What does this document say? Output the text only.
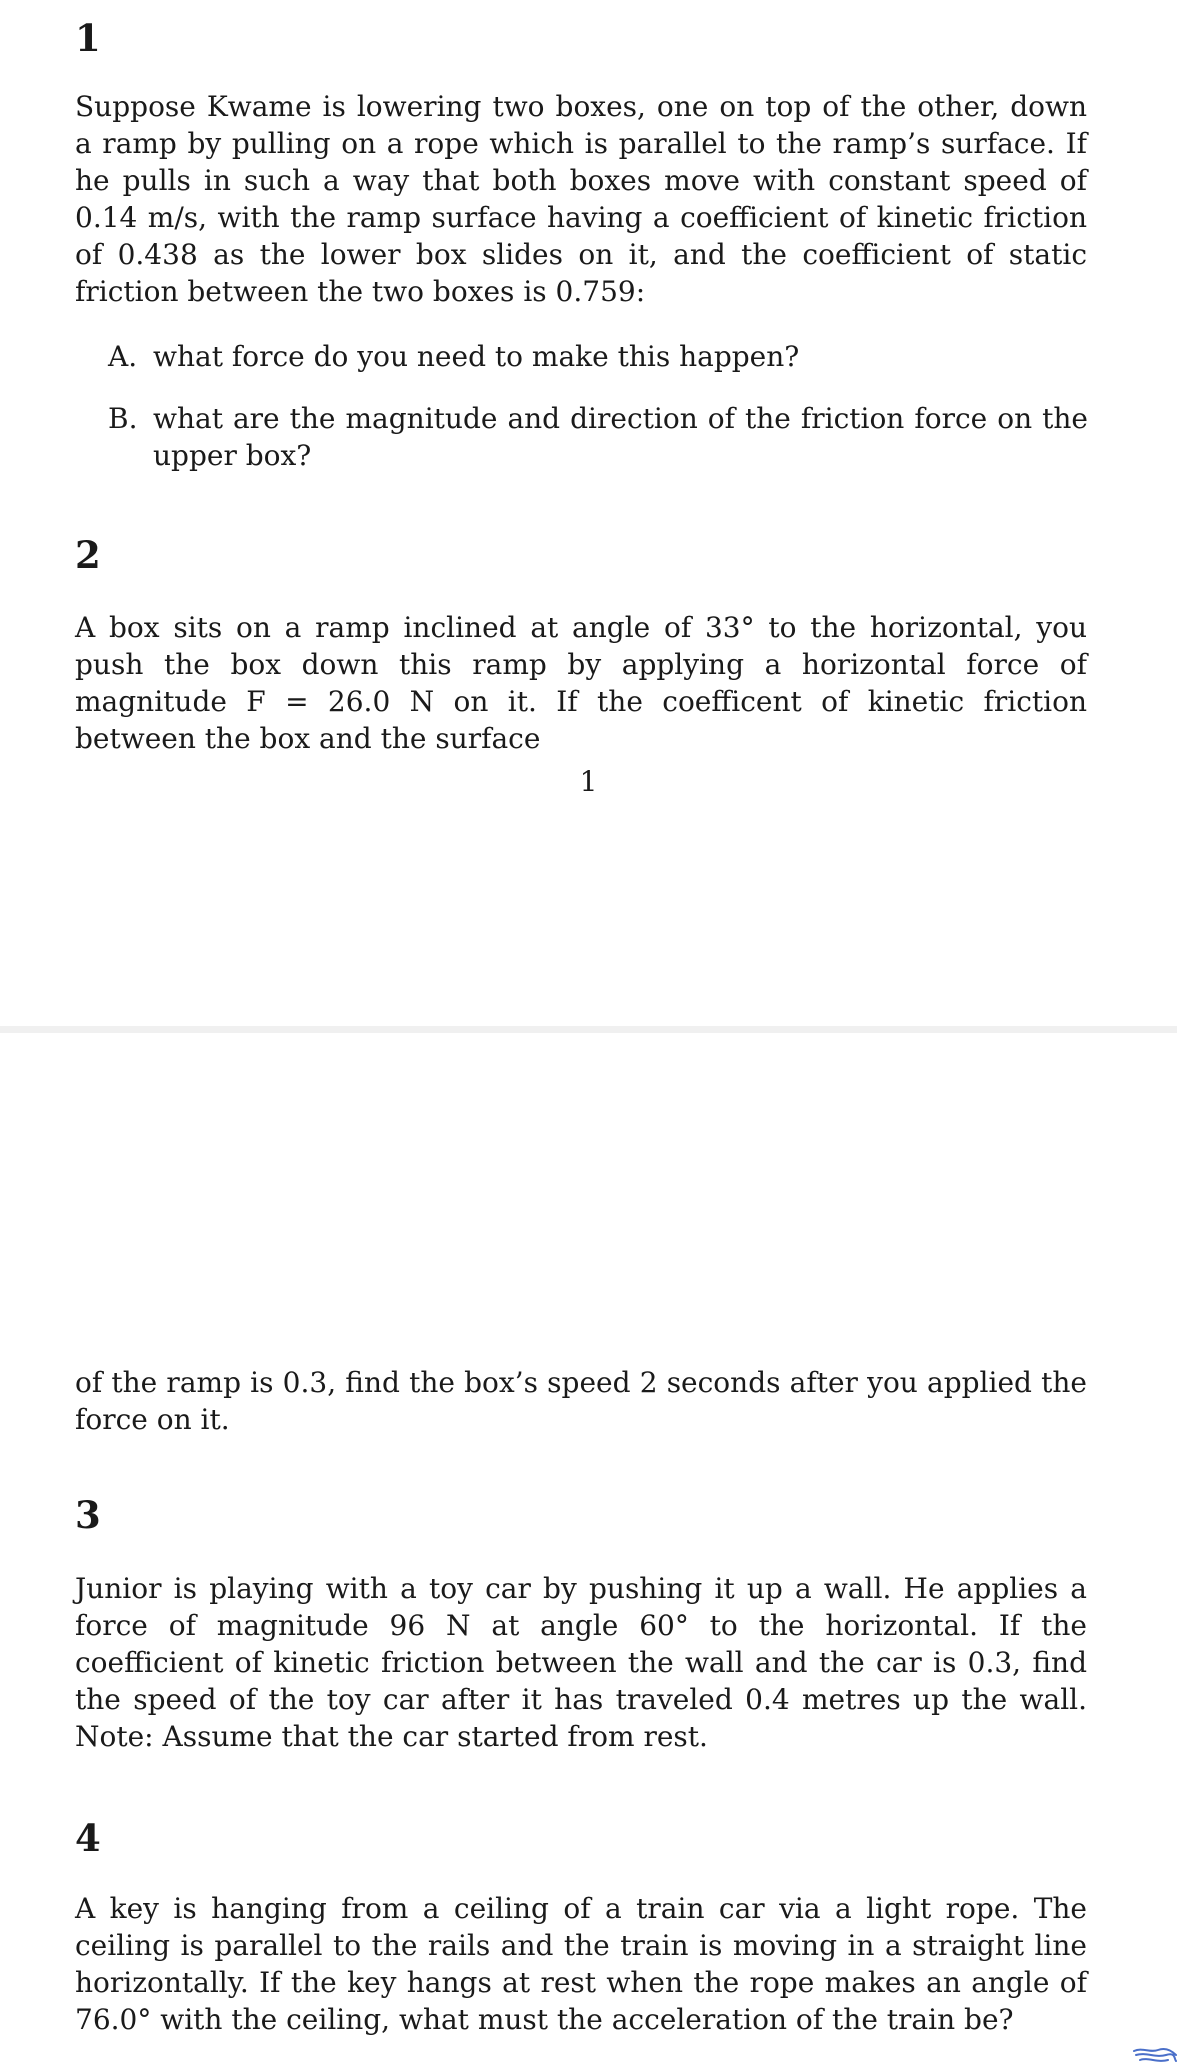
1

Suppose Kwame is lowering two boxes, one on top of the other, down a ramp by pulling on a rope which is parallel to the ramp’s surface. If he pulls in such a way that both boxes move with constant speed of 0.14 m/s, with the ramp surface having a coefficient of kinetic friction of 0.438 as the lower box slides on it, and the coefficient of static friction between the two boxes is 0.759:

A. what force do you need to make this happen?
B. what are the magnitude and direction of the friction force on the upper box?
2

A box sits on a ramp inclined at angle of 33° to the horizontal, you push the box down this ramp by applying a horizontal force of magnitude F = 26.0 N on it. If the coefficent of kinetic friction between the box and the surface

1

of the ramp is 0.3, find the box’s speed 2 seconds after you applied the force on it.

3

Junior is playing with a toy car by pushing it up a wall. He applies a force of magnitude 96 N at angle 60° to the horizontal. If the coefficient of kinetic friction between the wall and the car is 0.3, find the speed of the toy car after it has traveled 0.4 metres up the wall. Note: Assume that the car started from rest.

4

A key is hanging from a ceiling of a train car via a light rope. The ceiling is parallel to the rails and the train is moving in a straight line horizontally. If the key hangs at rest when the rope makes an angle of 76.0° with the ceiling, what must the acceleration of the train be?
